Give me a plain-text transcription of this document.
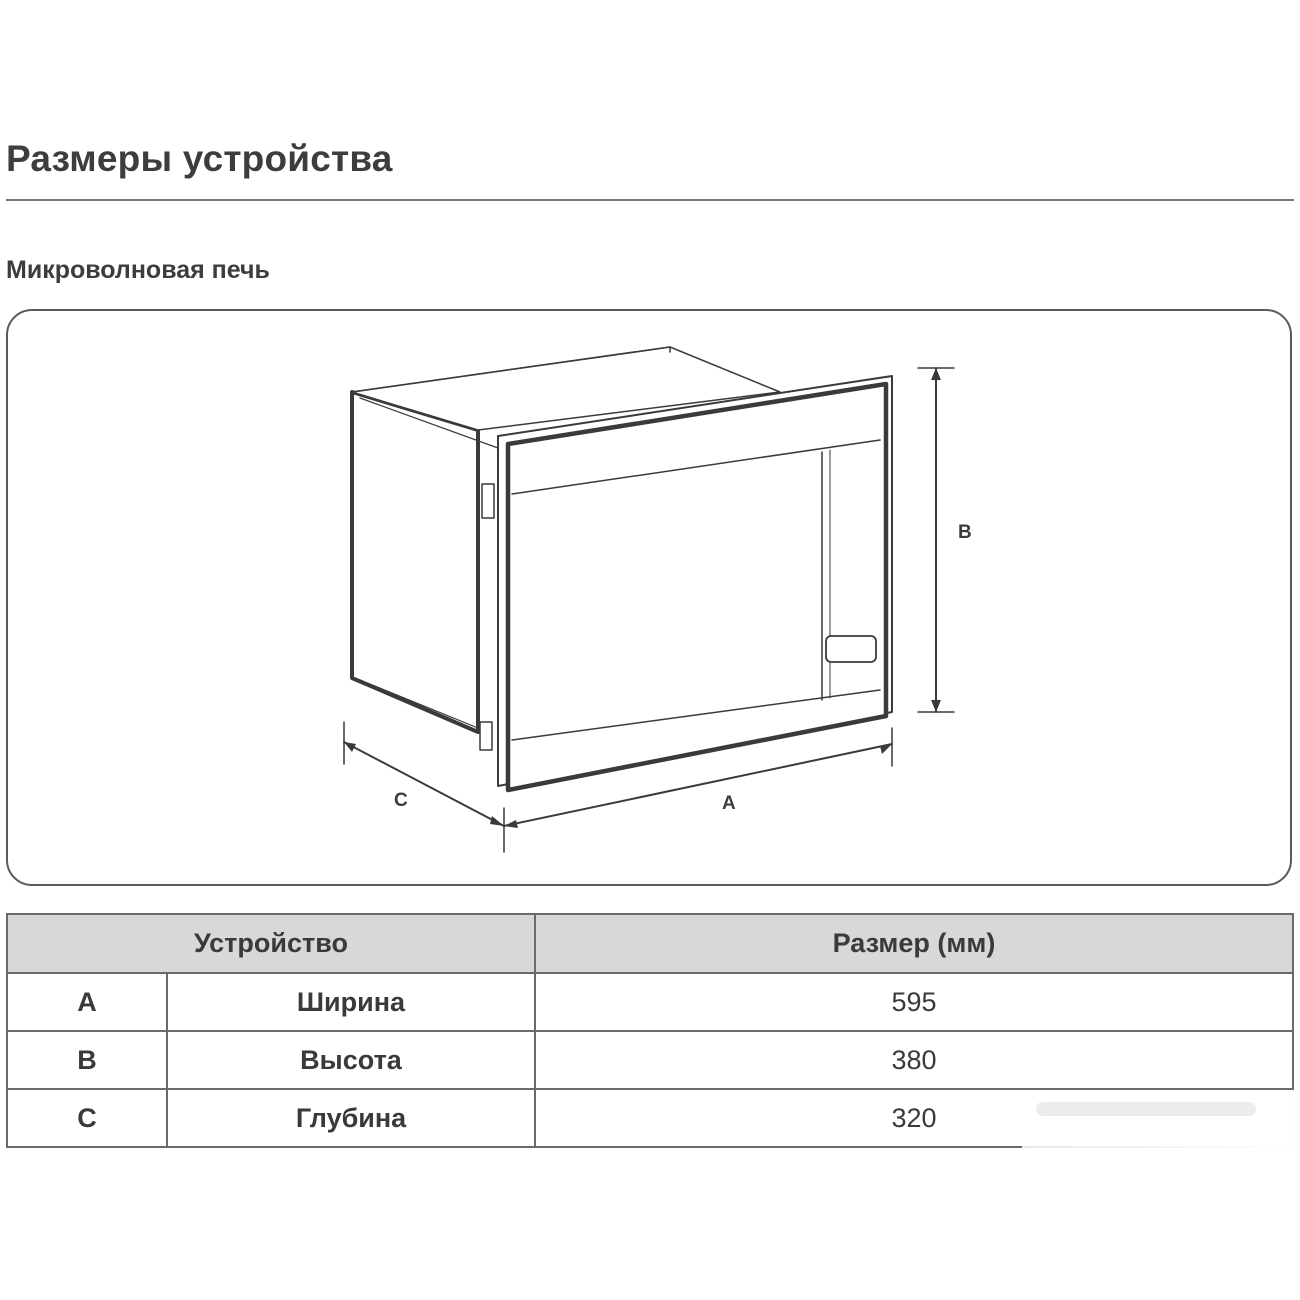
Размеры устройства
Микроволновая печь
B
A
C
Устройство		Размер (мм)
A	Ширина	595
B	Высота	380
C	Глубина	320
